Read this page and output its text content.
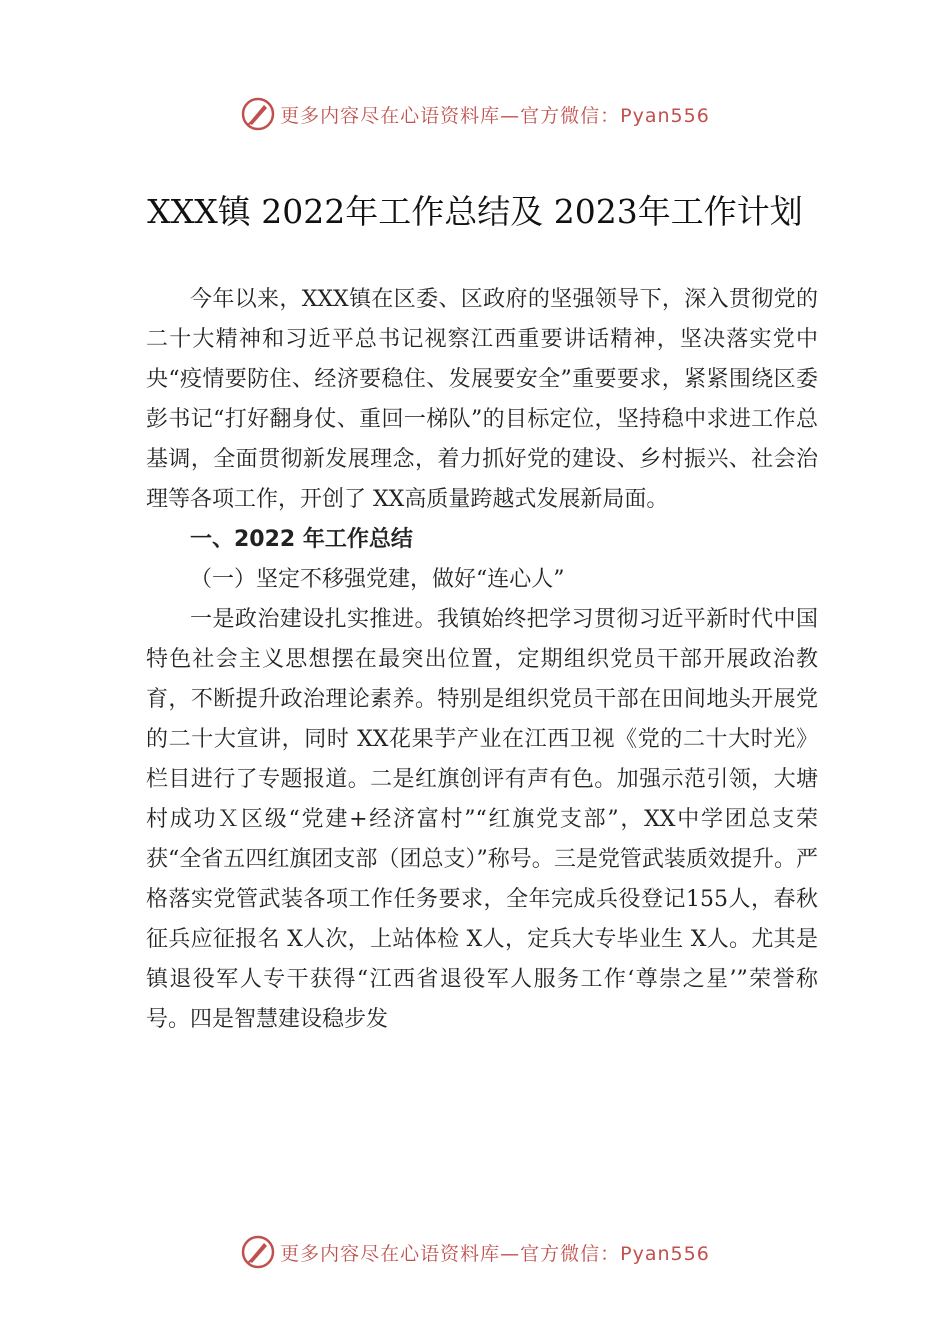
更多内容尽在心语资料库—官方微信：Pyan556
XXX镇 2022年工作总结及 2023年工作计划

今年以来，XXX镇在区委、区政府的坚强领导下，深入贯彻党的二十大精神和习近平总书记视察江西重要讲话精神，坚决落实党中央“疫情要防住、经济要稳住、发展要安全”重要要求，紧紧围绕区委彭书记“打好翻身仗、重回一梯队”的目标定位，坚持稳中求进工作总基调，全面贯彻新发展理念，着力抓好党的建设、乡村振兴、社会治理等各项工作，开创了 XX高质量跨越式发展新局面。

一、2022 年工作总结
（一）坚定不移强党建，做好“连心人”

一是政治建设扎实推进。我镇始终把学习贯彻习近平新时代中国特色社会主义思想摆在最突出位置，定期组织党员干部开展政治教育，不断提升政治理论素养。特别是组织党员干部在田间地头开展党的二十大宣讲，同时 XX花果芋产业在江西卫视《党的二十大时光》栏目进行了专题报道。二是红旗创评有声有色。加强示范引领，大塘村成功Ｘ区级“党建+经济富村”“红旗党支部”，XX中学团总支荣获“全省五四红旗团支部（团总支）”称号。三是党管武装质效提升。严格落实党管武装各项工作任务要求，全年完成兵役登记155人，春秋征兵应征报名 X人次，上站体检 X人，定兵大专毕业生 X人。尤其是镇退役军人专干获得“江西省退役军人服务工作‘尊崇之星’”荣誉称号。四是智慧建设稳步发

更多内容尽在心语资料库—官方微信：Pyan556
